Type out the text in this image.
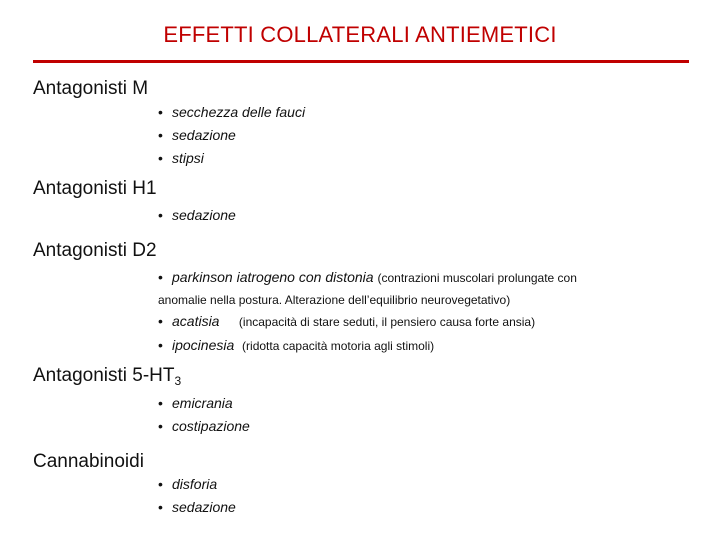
EFFETTI COLLATERALI ANTIEMETICI
Antagonisti M
• secchezza delle fauci
• sedazione
• stipsi
Antagonisti H1
• sedazione
Antagonisti D2
• parkinson iatrogeno con distonia (contrazioni muscolari prolungate con
anomalie nella postura. Alterazione dell’equilibrio neurovegetativo)
• acatisia (incapacità di stare seduti, il pensiero causa forte ansia)
• ipocinesia (ridotta capacità motoria agli stimoli)
Antagonisti $5-HT_3$
• emicrania
• costipazione
Cannabinoidi
• disforia
• sedazione
